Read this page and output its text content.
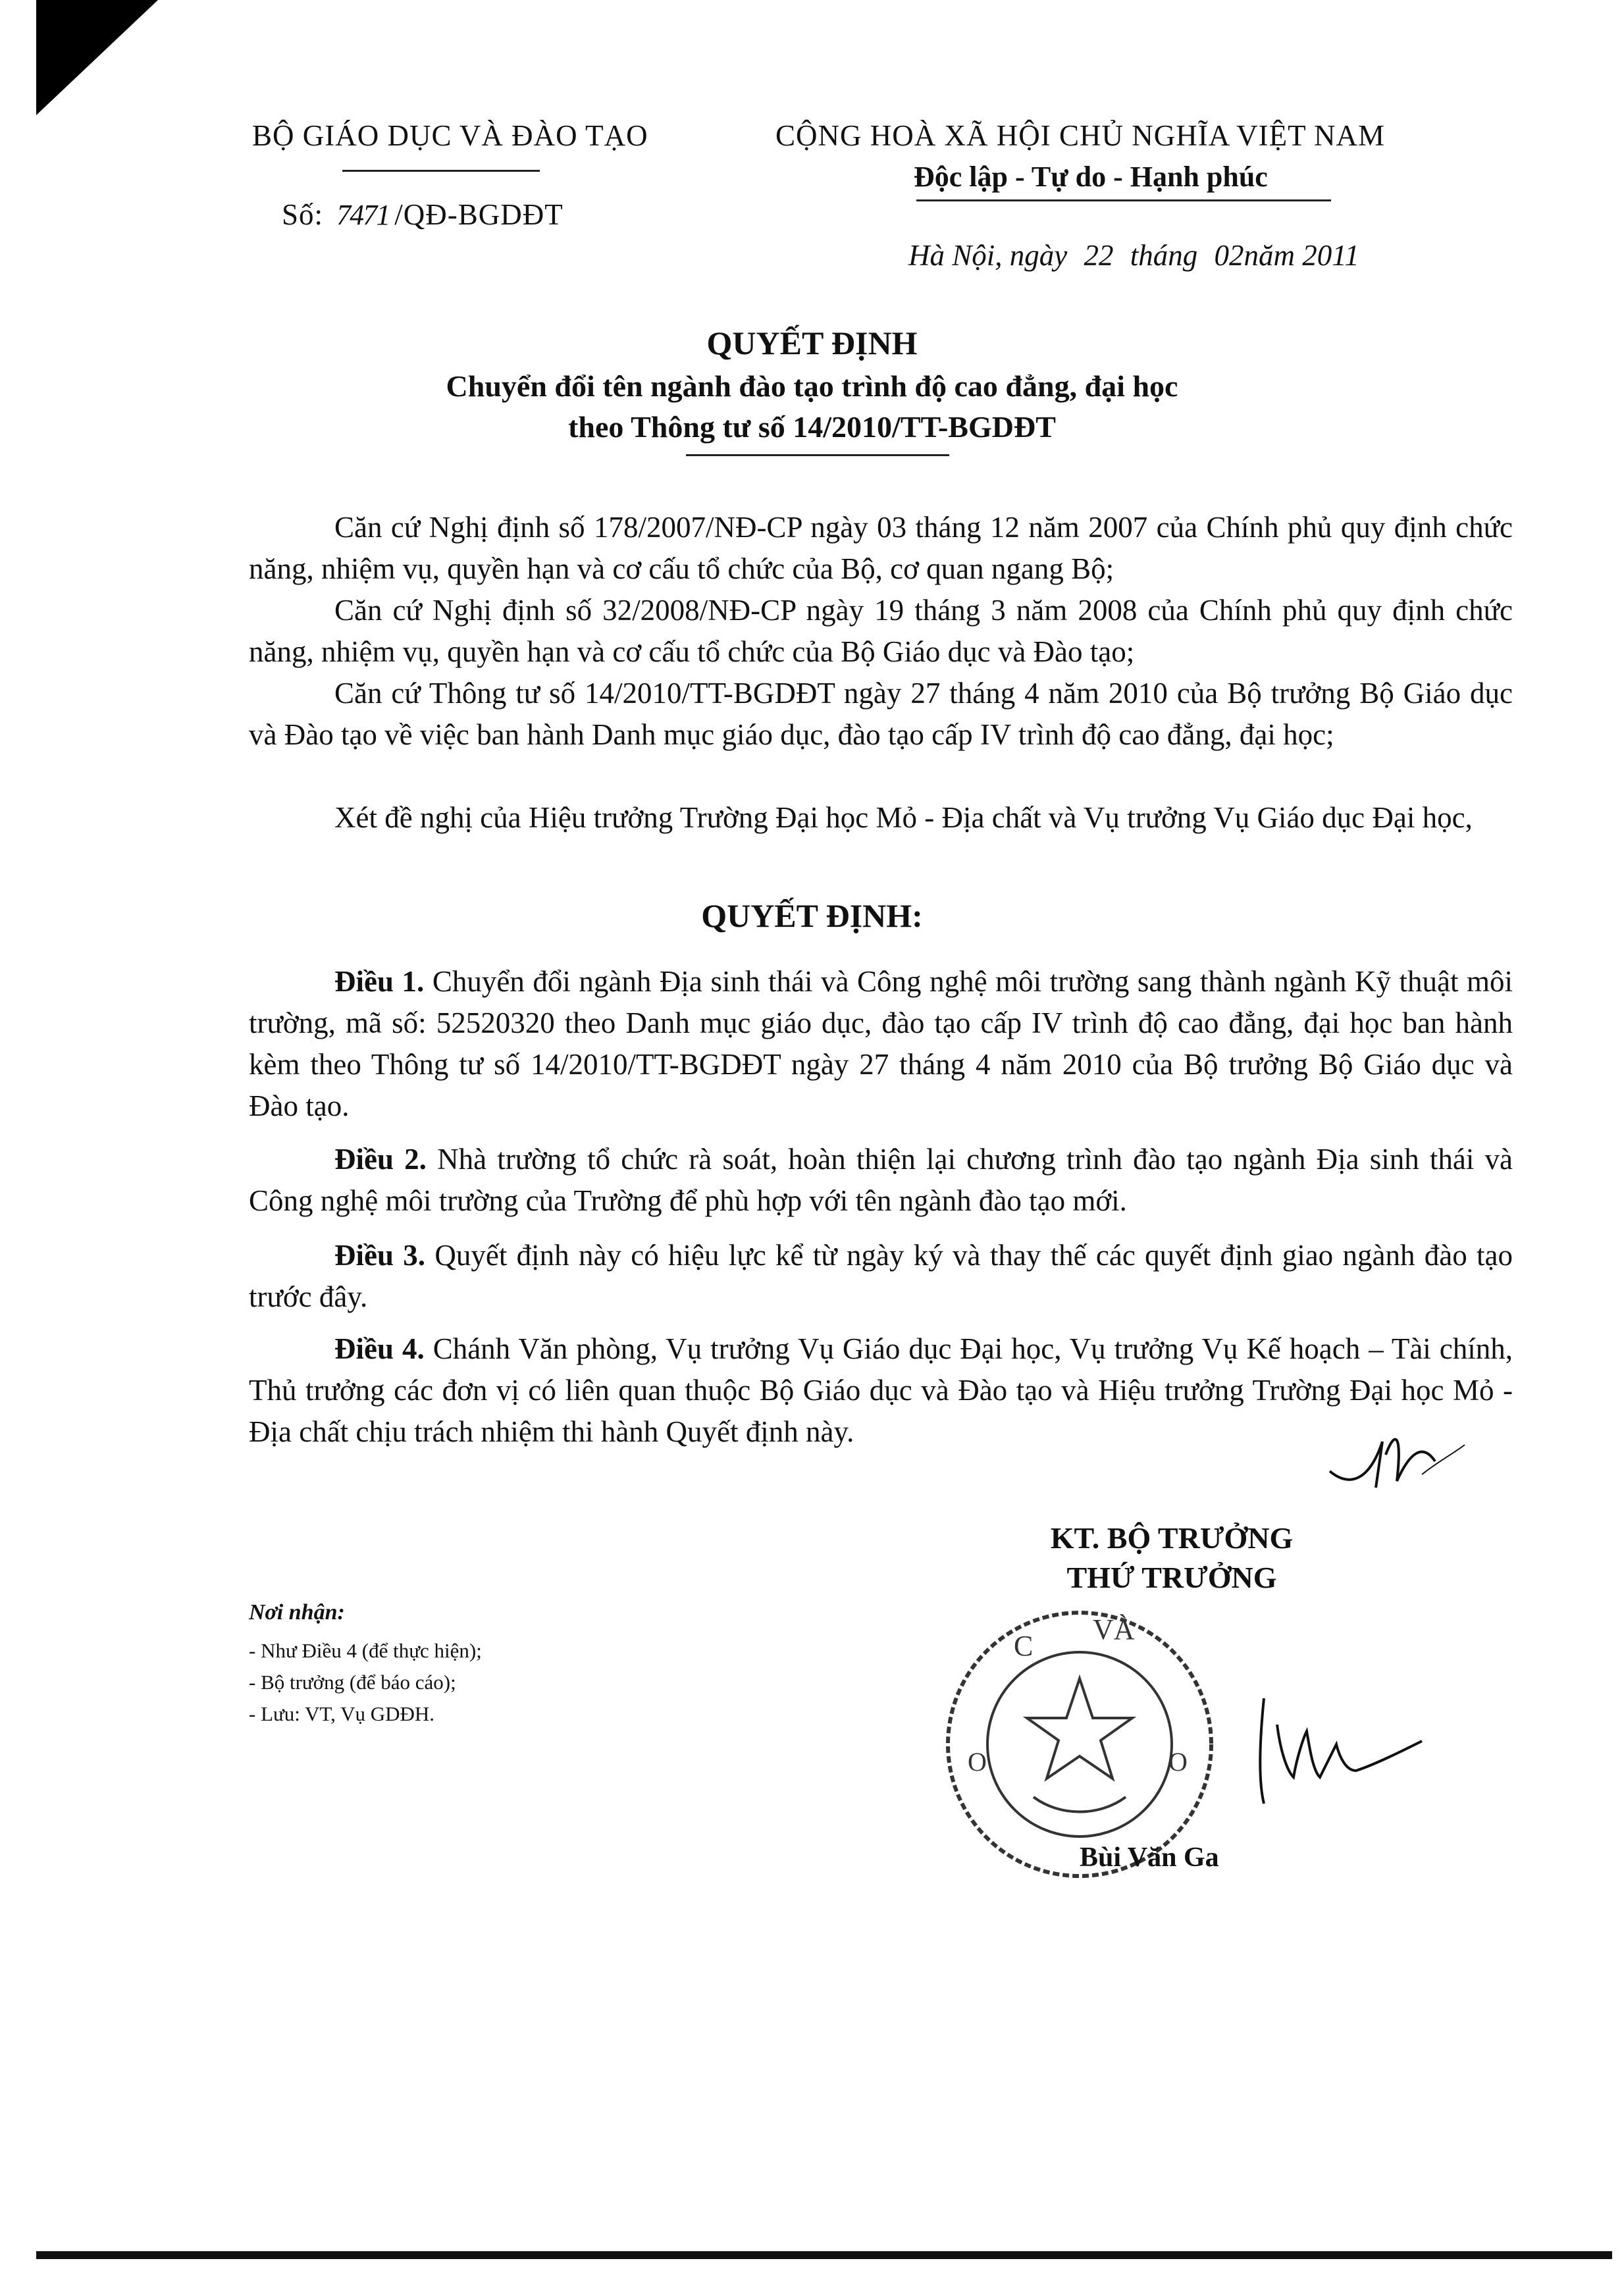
BỘ GIÁO DỤC VÀ ĐÀO TẠO
Số: 7471 /QĐ-BGDĐT
CỘNG HOÀ XÃ HỘI CHỦ NGHĨA VIỆT NAM
Độc lập - Tự do - Hạnh phúc
Hà Nội, ngày 22 tháng 02năm 2011
QUYẾT ĐỊNH
Chuyển đổi tên ngành đào tạo trình độ cao đẳng, đại học
theo Thông tư số 14/2010/TT-BGDĐT
Căn cứ Nghị định số 178/2007/NĐ-CP ngày 03 tháng 12 năm 2007 của Chính phủ quy định chức năng, nhiệm vụ, quyền hạn và cơ cấu tổ chức của Bộ, cơ quan ngang Bộ;
Căn cứ Nghị định số 32/2008/NĐ-CP ngày 19 tháng 3 năm 2008 của Chính phủ quy định chức năng, nhiệm vụ, quyền hạn và cơ cấu tổ chức của Bộ Giáo dục và Đào tạo;
Căn cứ Thông tư số 14/2010/TT-BGDĐT ngày 27 tháng 4 năm 2010 của Bộ trưởng Bộ Giáo dục và Đào tạo về việc ban hành Danh mục giáo dục, đào tạo cấp IV trình độ cao đẳng, đại học;
Xét đề nghị của Hiệu trưởng Trường Đại học Mỏ - Địa chất và Vụ trưởng Vụ Giáo dục Đại học,
QUYẾT ĐỊNH:
Điều 1. Chuyển đổi ngành Địa sinh thái và Công nghệ môi trường sang thành ngành Kỹ thuật môi trường, mã số: 52520320 theo Danh mục giáo dục, đào tạo cấp IV trình độ cao đẳng, đại học ban hành kèm theo Thông tư số 14/2010/TT-BGDĐT ngày 27 tháng 4 năm 2010 của Bộ trưởng Bộ Giáo dục và Đào tạo.
Điều 2. Nhà trường tổ chức rà soát, hoàn thiện lại chương trình đào tạo ngành Địa sinh thái và Công nghệ môi trường của Trường để phù hợp với tên ngành đào tạo mới.
Điều 3. Quyết định này có hiệu lực kể từ ngày ký và thay thế các quyết định giao ngành đào tạo trước đây.
Điều 4. Chánh Văn phòng, Vụ trưởng Vụ Giáo dục Đại học, Vụ trưởng Vụ Kế hoạch – Tài chính, Thủ trưởng các đơn vị có liên quan thuộc Bộ Giáo dục và Đào tạo và Hiệu trưởng Trường Đại học Mỏ - Địa chất chịu trách nhiệm thi hành Quyết định này.
KT. BỘ TRƯỞNG
THỨ TRƯỞNG
Nơi nhận:
- Như Điều 4 (để thực hiện);
- Bộ trưởng (để báo cáo);
- Lưu: VT, Vụ GDĐH.
C
VÀ
O	O
Bùi Văn Ga
